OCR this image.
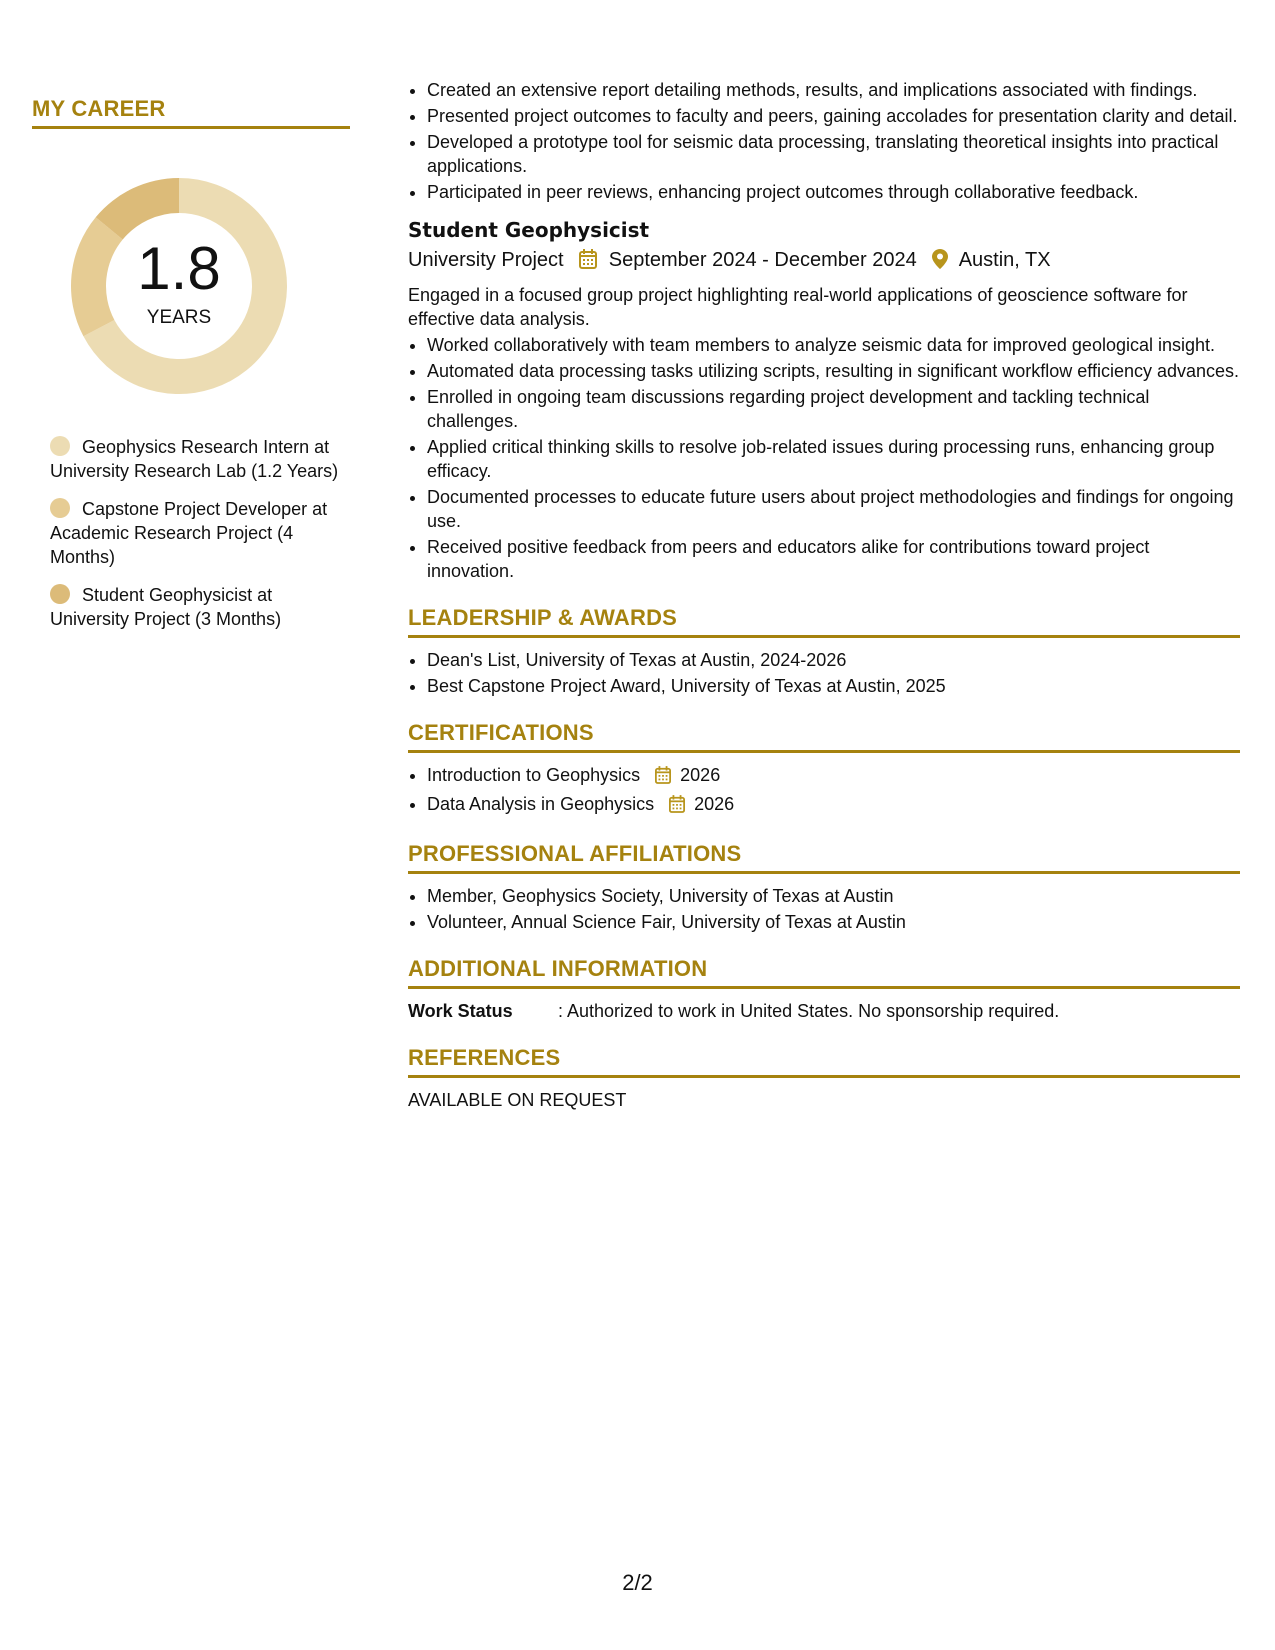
MY CAREER
1.8
YEARS
Geophysics Research Intern at University Research Lab (1.2 Years)
Capstone Project Developer at Academic Research Project (4 Months)
Student Geophysicist at University Project (3 Months)
• Created an extensive report detailing methods, results, and implications associated with findings.
• Presented project outcomes to faculty and peers, gaining accolades for presentation clarity and detail.
• Developed a prototype tool for seismic data processing, translating theoretical insights into practical applications.
• Participated in peer reviews, enhancing project outcomes through collaborative feedback.
Student Geophysicist
University Project September 2024 - December 2024 Austin, TX
Engaged in a focused group project highlighting real-world applications of geoscience software for effective data analysis.
• Worked collaboratively with team members to analyze seismic data for improved geological insight.
• Automated data processing tasks utilizing scripts, resulting in significant workflow efficiency advances.
• Enrolled in ongoing team discussions regarding project development and tackling technical challenges.
• Applied critical thinking skills to resolve job-related issues during processing runs, enhancing group efficacy.
• Documented processes to educate future users about project methodologies and findings for ongoing use.
• Received positive feedback from peers and educators alike for contributions toward project innovation.
LEADERSHIP & AWARDS
• Dean's List, University of Texas at Austin, 2024-2026
• Best Capstone Project Award, University of Texas at Austin, 2025
CERTIFICATIONS
• Introduction to Geophysics 2026
• Data Analysis in Geophysics 2026
PROFESSIONAL AFFILIATIONS
• Member, Geophysics Society, University of Texas at Austin
• Volunteer, Annual Science Fair, University of Texas at Austin
ADDITIONAL INFORMATION
Work Status	: Authorized to work in United States. No sponsorship required.
REFERENCES
AVAILABLE ON REQUEST
2/2
